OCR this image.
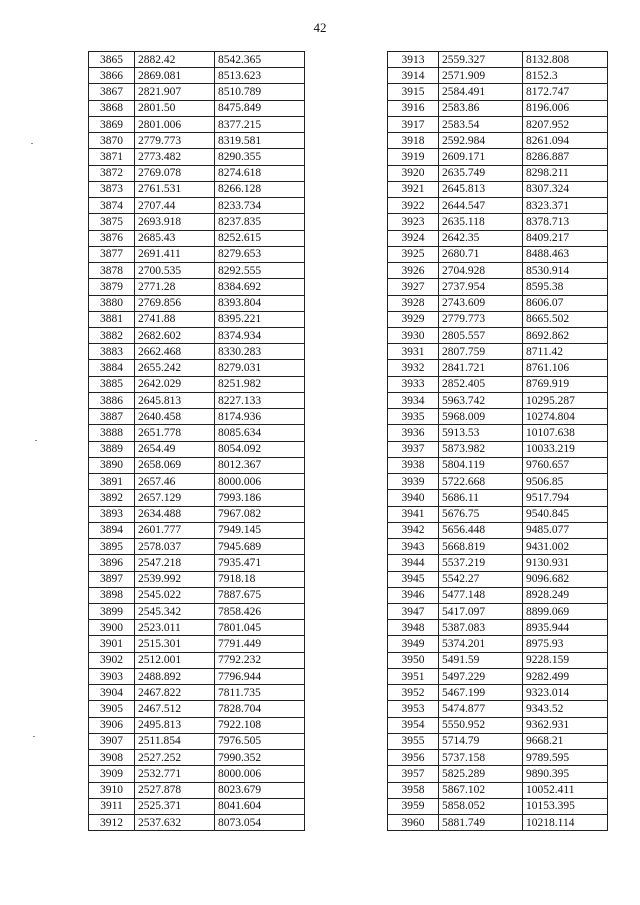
42
3865	2882.42	8542.365
3866	2869.081	8513.623
3867	2821.907	8510.789
3868	2801.50	8475.849
3869	2801.006	8377.215
3870	2779.773	8319.581
3871	2773.482	8290.355
3872	2769.078	8274.618
3873	2761.531	8266.128
3874	2707.44	8233.734
3875	2693.918	8237.835
3876	2685.43	8252.615
3877	2691.411	8279.653
3878	2700.535	8292.555
3879	2771.28	8384.692
3880	2769.856	8393.804
3881	2741.88	8395.221
3882	2682.602	8374.934
3883	2662.468	8330.283
3884	2655.242	8279.031
3885	2642.029	8251.982
3886	2645.813	8227.133
3887	2640.458	8174.936
3888	2651.778	8085.634
3889	2654.49	8054.092
3890	2658.069	8012.367
3891	2657.46	8000.006
3892	2657.129	7993.186
3893	2634.488	7967.082
3894	2601.777	7949.145
3895	2578.037	7945.689
3896	2547.218	7935.471
3897	2539.992	7918.18
3898	2545.022	7887.675
3899	2545.342	7858.426
3900	2523.011	7801.045
3901	2515.301	7791.449
3902	2512.001	7792.232
3903	2488.892	7796.944
3904	2467.822	7811.735
3905	2467.512	7828.704
3906	2495.813	7922.108
3907	2511.854	7976.505
3908	2527.252	7990.352
3909	2532.771	8000.006
3910	2527.878	8023.679
3911	2525.371	8041.604
3912	2537.632	8073.054
3913	2559.327	8132.808
3914	2571.909	8152.3
3915	2584.491	8172.747
3916	2583.86	8196.006
3917	2583.54	8207.952
3918	2592.984	8261.094
3919	2609.171	8286.887
3920	2635.749	8298.211
3921	2645.813	8307.324
3922	2644.547	8323.371
3923	2635.118	8378.713
3924	2642.35	8409.217
3925	2680.71	8488.463
3926	2704.928	8530.914
3927	2737.954	8595.38
3928	2743.609	8606.07
3929	2779.773	8665.502
3930	2805.557	8692.862
3931	2807.759	8711.42
3932	2841.721	8761.106
3933	2852.405	8769.919
3934	5963.742	10295.287
3935	5968.009	10274.804
3936	5913.53	10107.638
3937	5873.982	10033.219
3938	5804.119	9760.657
3939	5722.668	9506.85
3940	5686.11	9517.794
3941	5676.75	9540.845
3942	5656.448	9485.077
3943	5668.819	9431.002
3944	5537.219	9130.931
3945	5542.27	9096.682
3946	5477.148	8928.249
3947	5417.097	8899.069
3948	5387.083	8935.944
3949	5374.201	8975.93
3950	5491.59	9228.159
3951	5497.229	9282.499
3952	5467.199	9323.014
3953	5474.877	9343.52
3954	5550.952	9362.931
3955	5714.79	9668.21
3956	5737.158	9789.595
3957	5825.289	9890.395
3958	5867.102	10052.411
3959	5858.052	10153.395
3960	5881.749	10218.114
